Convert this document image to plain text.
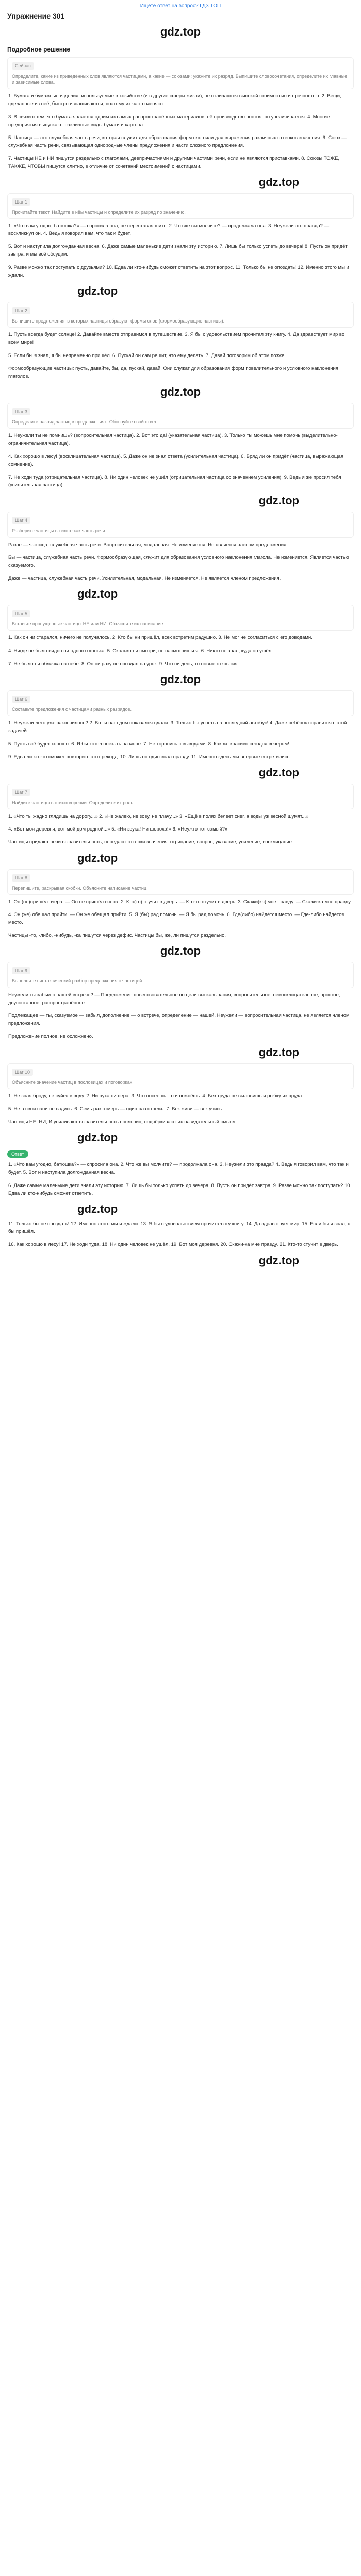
Ищете ответ на вопрос? ГДЗ ТОП
Упражнение 301
gdz.top
Подробное решение
Сейчас
Определите, какие из приведённых слов являются частицами, а какие — союзами; укажите их разряд. Выпишите словосочетания, определите их главные и зависимые слова.
1. Бумага и бумажные изделия, используемые в хозяйстве (и в другие сферы жизни), не отличаются высокой стоимостью и прочностью. 2. Вещи, сделанные из неё, быстро изнашиваются, поэтому их часто меняют.
3. В связи с тем, что бумага является одним из самых распространённых материалов, её производство постоянно увеличивается. 4. Многие предприятия выпускают различные виды бумаги и картона.
5. Частица — это служебная часть речи, которая служит для образования форм слов или для выражения различных оттенков значения. 6. Союз — служебная часть речи, связывающая однородные члены предложения и части сложного предложения.
7. Частицы НЕ и НИ пишутся раздельно с глаголами, деепричастиями и другими частями речи, если не являются приставками. 8. Союзы ТОЖЕ, ТАКЖЕ, ЧТОБЫ пишутся слитно, в отличие от сочетаний местоимений с частицами.
gdz.top
Шаг 1
Прочитайте текст. Найдите в нём частицы и определите их разряд по значению.
1. «Что вам угодно, батюшка?» — спросила она, не переставая шить. 2. Что же вы молчите? — продолжала она. 3. Неужели это правда? — воскликнул он. 4. Ведь я говорил вам, что так и будет.
5. Вот и наступила долгожданная весна. 6. Даже самые маленькие дети знали эту историю. 7. Лишь бы только успеть до вечера! 8. Пусть он придёт завтра, и мы всё обсудим.
9. Разве можно так поступать с друзьями? 10. Едва ли кто-нибудь сможет ответить на этот вопрос. 11. Только бы не опоздать! 12. Именно этого мы и ждали.
gdz.top
Шаг 2
Выпишите предложения, в которых частицы образуют формы слов (формообразующие частицы).
1. Пусть всегда будет солнце! 2. Давайте вместе отправимся в путешествие. 3. Я бы с удовольствием прочитал эту книгу. 4. Да здравствует мир во всём мире!
5. Если бы я знал, я бы непременно пришёл. 6. Пускай он сам решит, что ему делать. 7. Давай поговорим об этом позже.
Формообразующие частицы: пусть, давайте, бы, да, пускай, давай. Они служат для образования форм повелительного и условного наклонения глаголов.
gdz.top
Шаг 3
Определите разряд частиц в предложениях. Обоснуйте свой ответ.
1. Неужели ты не помнишь? (вопросительная частица). 2. Вот это да! (указательная частица). 3. Только ты можешь мне помочь (выделительно-ограничительная частица).
4. Как хорошо в лесу! (восклицательная частица). 5. Даже он не знал ответа (усилительная частица). 6. Вряд ли он придёт (частица, выражающая сомнение).
7. Не ходи туда (отрицательная частица). 8. Ни один человек не ушёл (отрицательная частица со значением усиления). 9. Ведь я же просил тебя (усилительная частица).
gdz.top
Шаг 4
Разберите частицы в тексте как часть речи.
Разве — частица, служебная часть речи. Вопросительная, модальная. Не изменяется. Не является членом предложения.
Бы — частица, служебная часть речи. Формообразующая, служит для образования условного наклонения глагола. Не изменяется. Является частью сказуемого.
Даже — частица, служебная часть речи. Усилительная, модальная. Не изменяется. Не является членом предложения.
gdz.top
Шаг 5
Вставьте пропущенные частицы НЕ или НИ. Объясните их написание.
1. Как он ни старался, ничего не получалось. 2. Кто бы ни пришёл, всех встретим радушно. 3. Не мог не согласиться с его доводами.
4. Нигде не было видно ни одного огонька. 5. Сколько ни смотри, не насмотришься. 6. Никто не знал, куда он ушёл.
7. Не было ни облачка на небе. 8. Он ни разу не опоздал на урок. 9. Что ни день, то новые открытия.
gdz.top
Шаг 6
Составьте предложения с частицами разных разрядов.
1. Неужели лето уже закончилось? 2. Вот и наш дом показался вдали. 3. Только бы успеть на последний автобус! 4. Даже ребёнок справится с этой задачей.
5. Пусть всё будет хорошо. 6. Я бы хотел поехать на море. 7. Не торопись с выводами. 8. Как же красиво сегодня вечером!
9. Едва ли кто-то сможет повторить этот рекорд. 10. Лишь он один знал правду. 11. Именно здесь мы впервые встретились.
gdz.top
Шаг 7
Найдите частицы в стихотворении. Определите их роль.
1. «Что ты жадно глядишь на дорогу...» 2. «Не жалею, не зову, не плачу...» 3. «Ещё в полях белеет снег, а воды уж весной шумят...»
4. «Вот моя деревня, вот мой дом родной...» 5. «Ни звука! Ни шороха!» 6. «Неужто тот самый?»
Частицы придают речи выразительность, передают оттенки значения: отрицание, вопрос, указание, усиление, восклицание.
gdz.top
Шаг 8
Перепишите, раскрывая скобки. Объясните написание частиц.
1. Он (не)пришёл вчера. — Он не пришёл вчера. 2. Кто(то) стучит в дверь. — Кто-то стучит в дверь. 3. Скажи(ка) мне правду. — Скажи-ка мне правду.
4. Он (же) обещал прийти. — Он же обещал прийти. 5. Я (бы) рад помочь. — Я бы рад помочь. 6. Где(либо) найдётся место. — Где-либо найдётся место.
Частицы -то, -либо, -нибудь, -ка пишутся через дефис. Частицы бы, же, ли пишутся раздельно.
gdz.top
Шаг 9
Выполните синтаксический разбор предложения с частицей.
Неужели ты забыл о нашей встрече? — Предложение повествовательное по цели высказывания, вопросительное, невосклицательное, простое, двусоставное, распространённое.
Подлежащее — ты, сказуемое — забыл, дополнение — о встрече, определение — нашей. Неужели — вопросительная частица, не является членом предложения.
Предложение полное, не осложнено.
gdz.top
Шаг 10
Объясните значение частиц в пословицах и поговорках.
1. Не зная броду, не суйся в воду. 2. Ни пуха ни пера. 3. Что посеешь, то и пожнёшь. 4. Без труда не выловишь и рыбку из пруда.
5. Не в свои сани не садись. 6. Семь раз отмерь — один раз отрежь. 7. Век живи — век учись.
Частицы НЕ, НИ, И усиливают выразительность пословиц, подчёркивают их назидательный смысл.
gdz.top
Ответ
1. «Что вам угодно, батюшка?» — спросила она. 2. Что же вы молчите? — продолжала она. 3. Неужели это правда? 4. Ведь я говорил вам, что так и будет. 5. Вот и наступила долгожданная весна.
6. Даже самые маленькие дети знали эту историю. 7. Лишь бы только успеть до вечера! 8. Пусть он придёт завтра. 9. Разве можно так поступать? 10. Едва ли кто-нибудь сможет ответить.
gdz.top
11. Только бы не опоздать! 12. Именно этого мы и ждали. 13. Я бы с удовольствием прочитал эту книгу. 14. Да здравствует мир! 15. Если бы я знал, я бы пришёл.
16. Как хорошо в лесу! 17. Не ходи туда. 18. Ни один человек не ушёл. 19. Вот моя деревня. 20. Скажи-ка мне правду. 21. Кто-то стучит в дверь.
gdz.top
